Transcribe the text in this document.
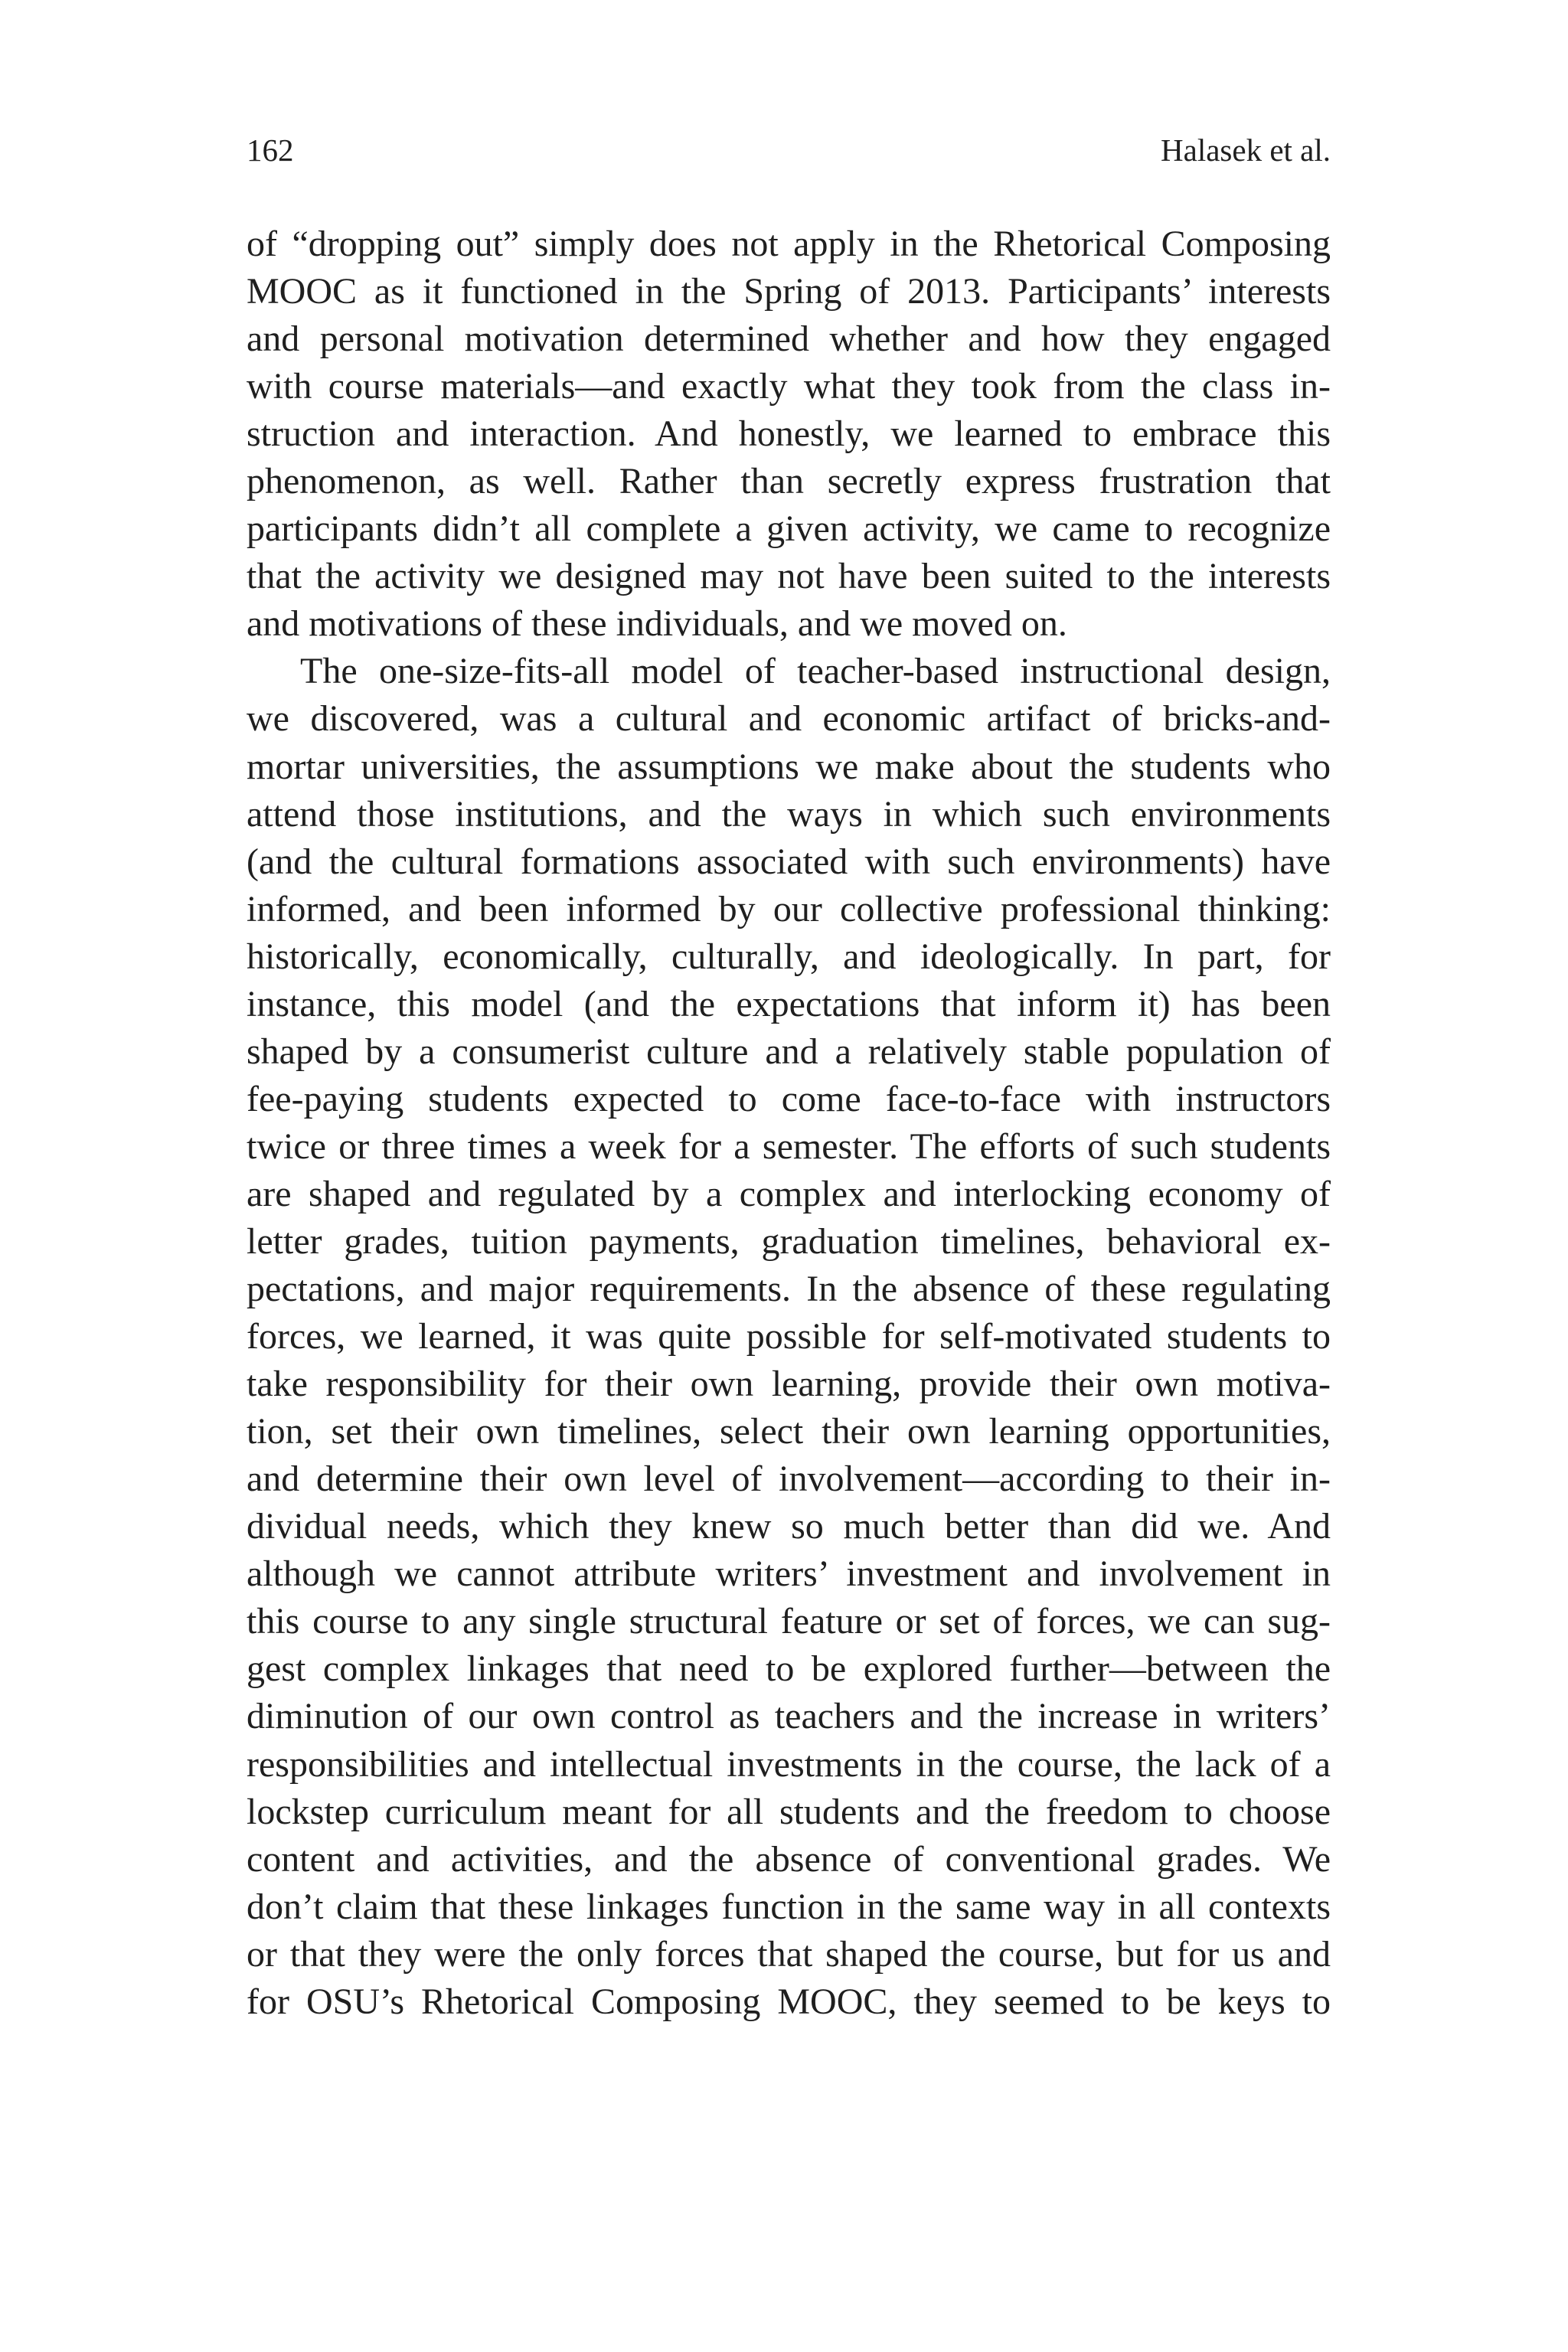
162	Halasek et al.
of “dropping out” simply does not apply in the Rhetorical Composing
MOOC as it functioned in the Spring of 2013. Participants’ interests
and personal motivation determined whether and how they engaged
with course materials—and exactly what they took from the class in-
struction and interaction. And honestly, we learned to embrace this
phenomenon, as well. Rather than secretly express frustration that
participants didn’t all complete a given activity, we came to recognize
that the activity we designed may not have been suited to the interests
and motivations of these individuals, and we moved on.
The one-size-fits-all model of teacher-based instructional design,
we discovered, was a cultural and economic artifact of bricks-and-
mortar universities, the assumptions we make about the students who
attend those institutions, and the ways in which such environments
(and the cultural formations associated with such environments) have
informed, and been informed by our collective professional thinking:
historically, economically, culturally, and ideologically. In part, for
instance, this model (and the expectations that inform it) has been
shaped by a consumerist culture and a relatively stable population of
fee-paying students expected to come face-to-face with instructors
twice or three times a week for a semester. The efforts of such students
are shaped and regulated by a complex and interlocking economy of
letter grades, tuition payments, graduation timelines, behavioral ex-
pectations, and major requirements. In the absence of these regulating
forces, we learned, it was quite possible for self-motivated students to
take responsibility for their own learning, provide their own motiva-
tion, set their own timelines, select their own learning opportunities,
and determine their own level of involvement—according to their in-
dividual needs, which they knew so much better than did we. And
although we cannot attribute writers’ investment and involvement in
this course to any single structural feature or set of forces, we can sug-
gest complex linkages that need to be explored further—between the
diminution of our own control as teachers and the increase in writers’
responsibilities and intellectual investments in the course, the lack of a
lockstep curriculum meant for all students and the freedom to choose
content and activities, and the absence of conventional grades. We
don’t claim that these linkages function in the same way in all contexts
or that they were the only forces that shaped the course, but for us and
for OSU’s Rhetorical Composing MOOC, they seemed to be keys to
